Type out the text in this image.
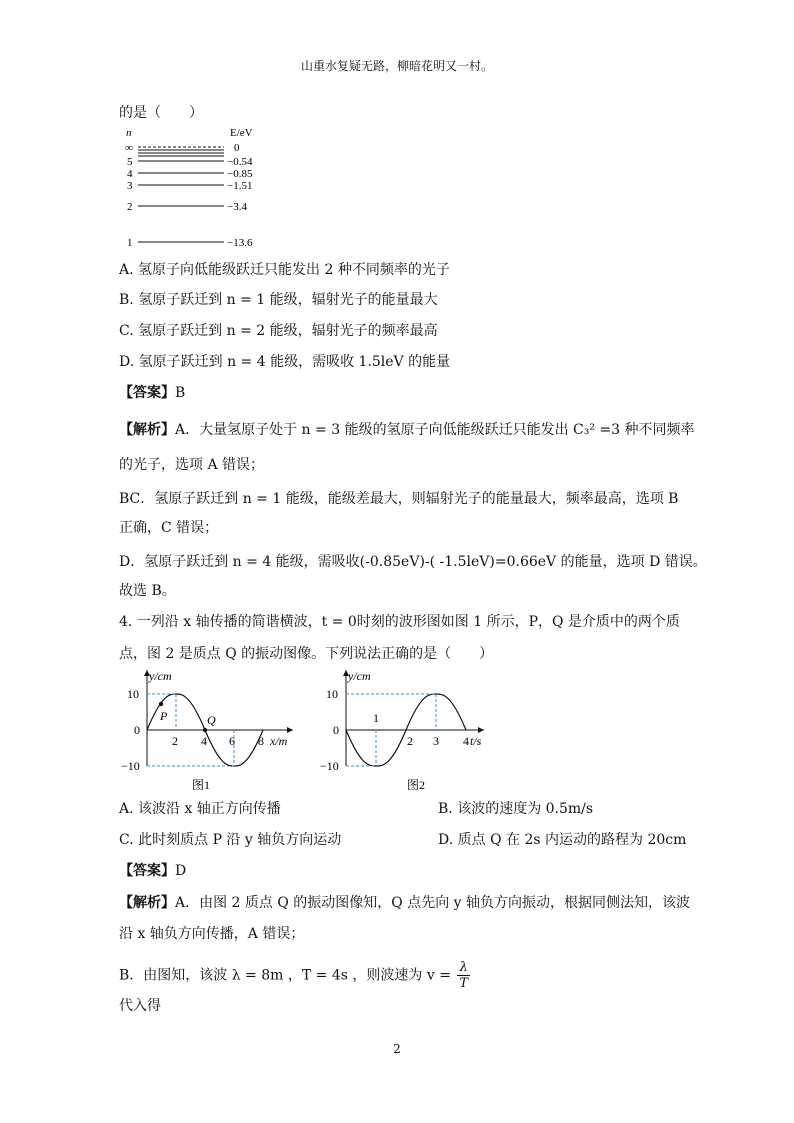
山重水复疑无路，柳暗花明又一村。
的是（　　）
n	E/eV
∞	0
5	−0.54
4	−0.85
3	−1.51
2	−3.4
1	−13.6
A. 氢原子向低能级跃迁只能发出 2 种不同频率的光子
B. 氢原子跃迁到 n = 1 能级，辐射光子的能量最大
C. 氢原子跃迁到 n = 2 能级，辐射光子的频率最高
D. 氢原子跃迁到 n = 4 能级，需吸收 1.5leV 的能量
【答案】B
【解析】A．大量氢原子处于 n = 3 能级的氢原子向低能级跃迁只能发出 C₃² =3 种不同频率
的光子，选项 A 错误；
BC．氢原子跃迁到 n = 1 能级，能级差最大，则辐射光子的能量最大，频率最高，选项 B
正确，C 错误；
D．氢原子跃迁到 n = 4 能级，需吸收(-0.85eV)-( -1.5leV)=0.66eV 的能量，选项 D 错误。
故选 B。
4. 一列沿 x 轴传播的简谐横波，t = 0时刻的波形图如图 1 所示，P，Q 是介质中的两个质
点，图 2 是质点 Q 的振动图像。下列说法正确的是（　　）
y/cm
x/m
10
0
−10
2 4 6 8
P	Q
图1
y/cm
t/s
10
0
−10
1
2 3 4
图2
A. 该波沿 x 轴正方向传播	B. 该波的速度为 0.5m/s
C. 此时刻质点 P 沿 y 轴负方向运动	D. 质点 Q 在 2s 内运动的路程为 20cm
【答案】D
【解析】A．由图 2 质点 Q 的振动图像知，Q 点先向 y 轴负方向振动，根据同侧法知，该波
沿 x 轴负方向传播，A 错误；
B．由图知，该波 λ = 8m ，T = 4s ，则波速为 $v = \frac{\lambda}{T}$
代入得
2
